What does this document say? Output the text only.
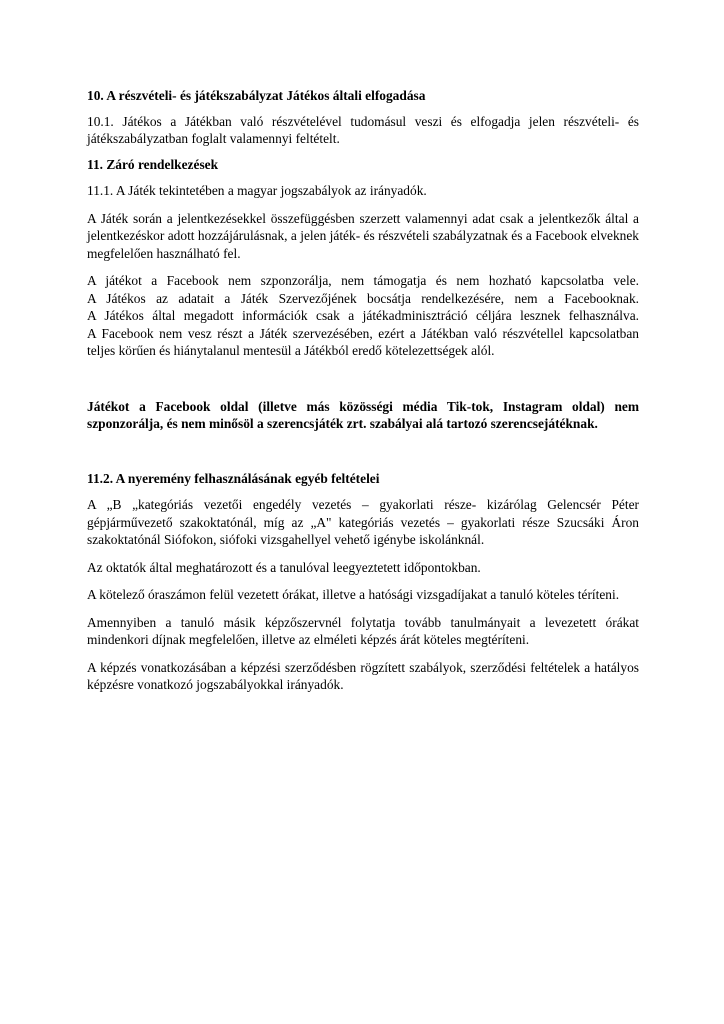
10. A részvételi- és játékszabályzat Játékos általi elfogadása

10.1. Játékos a Játékban való részvételével tudomásul veszi és elfogadja jelen részvételi- és
játékszabályzatban foglalt valamennyi feltételt.

11. Záró rendelkezések

11.1. A Játék tekintetében a magyar jogszabályok az irányadók.

A Játék során a jelentkezésekkel összefüggésben szerzett valamennyi adat csak a jelentkezők által a
jelentkezéskor adott hozzájárulásnak, a jelen játék- és részvételi szabályzatnak és a Facebook elveknek
megfelelően használható fel.

A játékot a Facebook nem szponzorálja, nem támogatja és nem hozható kapcsolatba vele.
A Játékos az adatait a Játék Szervezőjének bocsátja rendelkezésére, nem a Facebooknak.
A Játékos által megadott információk csak a játékadminisztráció céljára lesznek felhasználva.
A Facebook nem vesz részt a Játék szervezésében, ezért a Játékban való részvétellel kapcsolatban
teljes körűen és hiánytalanul mentesül a Játékból eredő kötelezettségek alól.

Játékot a Facebook oldal (illetve más közösségi média Tik-tok, Instagram oldal) nem
szponzorálja, és nem minősöl a szerencsjáték zrt. szabályai alá tartozó szerencsejátéknak.

11.2. A nyeremény felhasználásának egyéb feltételei

A „B „kategóriás vezetői engedély vezetés – gyakorlati része- kizárólag Gelencsér Péter
gépjárművezető szakoktatónál, míg az „A" kategóriás vezetés – gyakorlati része Szucsáki Áron
szakoktatónál Siófokon, siófoki vizsgahellyel vehető igénybe iskolánknál.

Az oktatók által meghatározott és a tanulóval leegyeztetett időpontokban.

A kötelező óraszámon felül vezetett órákat, illetve a hatósági vizsgadíjakat a tanuló köteles téríteni.

Amennyiben a tanuló másik képzőszervnél folytatja tovább tanulmányait a levezetett órákat
mindenkori díjnak megfelelően, illetve az elméleti képzés árát köteles megtéríteni.

A képzés vonatkozásában a képzési szerződésben rögzített szabályok, szerződési feltételek a hatályos
képzésre vonatkozó jogszabályokkal irányadók.
